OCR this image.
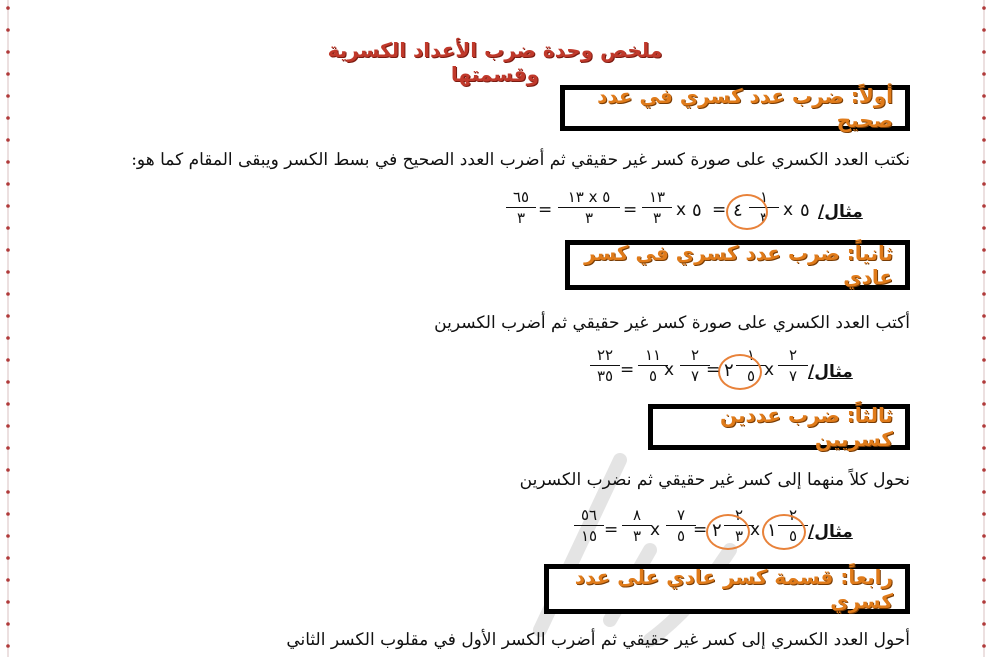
ملخص وحدة ضرب الأعداد الكسرية وقسمتها
أولاً: ضرب عدد كسري في عدد صحيح
نكتب العدد الكسري على صورة كسر غير حقيقي ثم أضرب العدد الصحيح في بسط الكسر ويبقى المقام كما هو:
مثال/
٥
x
١
٣
٤
=
٥
x
١٣
٣
=
١٣ x ٥
٣
=
٦٥
٣
ثانياً: ضرب عدد كسري في كسر عادي
أكتب العدد الكسري على صورة كسر غير حقيقي ثم أضرب الكسرين
مثال/
٢
٧
x
١
٥
٢
=
٢
٧
x
١١
٥
=
٢٢
٣٥
ثالثاً: ضرب عددين كسريين
نحول كلاً منهما إلى كسر غير حقيقي ثم نضرب الكسرين
مثال/
٢
٥
١
x
٢
٣
٢
=
٧
٥
x
٨
٣
=
٥٦
١٥
رابعاً: قسمة كسر عادي على عدد كسري
أحول العدد الكسري إلى كسر غير حقيقي ثم أضرب الكسر الأول في مقلوب الكسر الثاني
